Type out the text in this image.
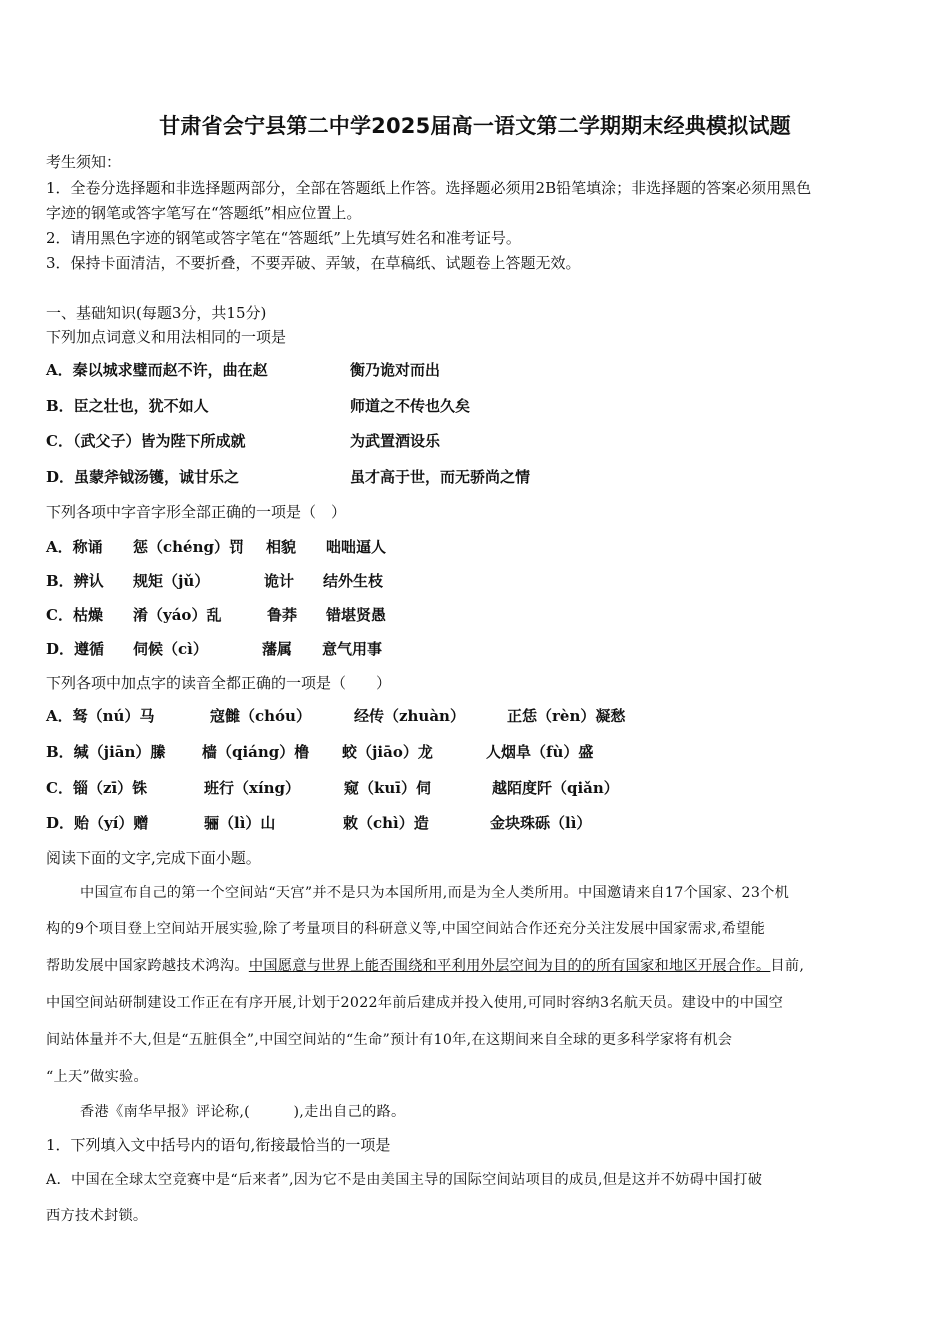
甘肃省会宁县第二中学2025届高一语文第二学期期末经典模拟试题
考生须知：
1．全卷分选择题和非选择题两部分，全部在答题纸上作答。选择题必须用2B铅笔填涂；非选择题的答案必须用黑色
字迹的钢笔或答字笔写在“答题纸”相应位置上。
2．请用黑色字迹的钢笔或答字笔在“答题纸”上先填写姓名和准考证号。
3．保持卡面清洁，不要折叠，不要弄破、弄皱，在草稿纸、试题卷上答题无效。
一、基础知识(每题3分，共15分)
下列加点词意义和用法相同的一项是
A．秦以城求璧而赵不许，曲在赵	衡乃诡对而出
B．臣之壮也，犹不如人	师道之不传也久矣
C．（武父子）皆为陛下所成就	为武置酒设乐
D．虽蒙斧钺汤镬，诚甘乐之	虽才高于世，而无骄尚之情
下列各项中字音字形全部正确的一项是（　）
A．称诵 惩（chéng）罚 相貌 咄咄逼人
B．辨认 规矩（jǔ）	诡计 结外生枝
C．枯燥 淆（yáo）乱	鲁莽 错堪贤愚
D．遵循 伺候（cì）	藩属 意气用事
下列各项中加点字的读音全都正确的一项是（　　）
A．驽（nú）马	寇雠（chóu）	经传（zhuàn）	正恁（rèn）凝愁
B．缄（jiān）縢 樯（qiáng）橹 蛟（jiāo）龙	人烟阜（fù）盛
C．锱（zī）铢	班行（xíng）	窥（kuī）伺	越陌度阡（qiǎn）
D．贻（yí）赠	骊（lì）山	敕（chì）造	金块珠砾（lì）
阅读下面的文字,完成下面小题。
中国宣布自己的第一个空间站“天宫”并不是只为本国所用,而是为全人类所用。中国邀请来自17个国家、23个机
构的9个项目登上空间站开展实验,除了考量项目的科研意义等,中国空间站合作还充分关注发展中国家需求,希望能
帮助发展中国家跨越技术鸿沟。中国愿意与世界上能否围绕和平利用外层空间为目的的所有国家和地区开展合作。目前,
中国空间站研制建设工作正在有序开展,计划于2022年前后建成并投入使用,可同时容纳3名航天员。建设中的中国空
间站体量并不大,但是“五脏俱全”,中国空间站的“生命”预计有10年,在这期间来自全球的更多科学家将有机会
“上天”做实验。
香港《南华早报》评论称,(　　　),走出自己的路。
1．下列填入文中括号内的语句,衔接最恰当的一项是
A．中国在全球太空竞赛中是“后来者”,因为它不是由美国主导的国际空间站项目的成员,但是这并不妨碍中国打破
西方技术封锁。
